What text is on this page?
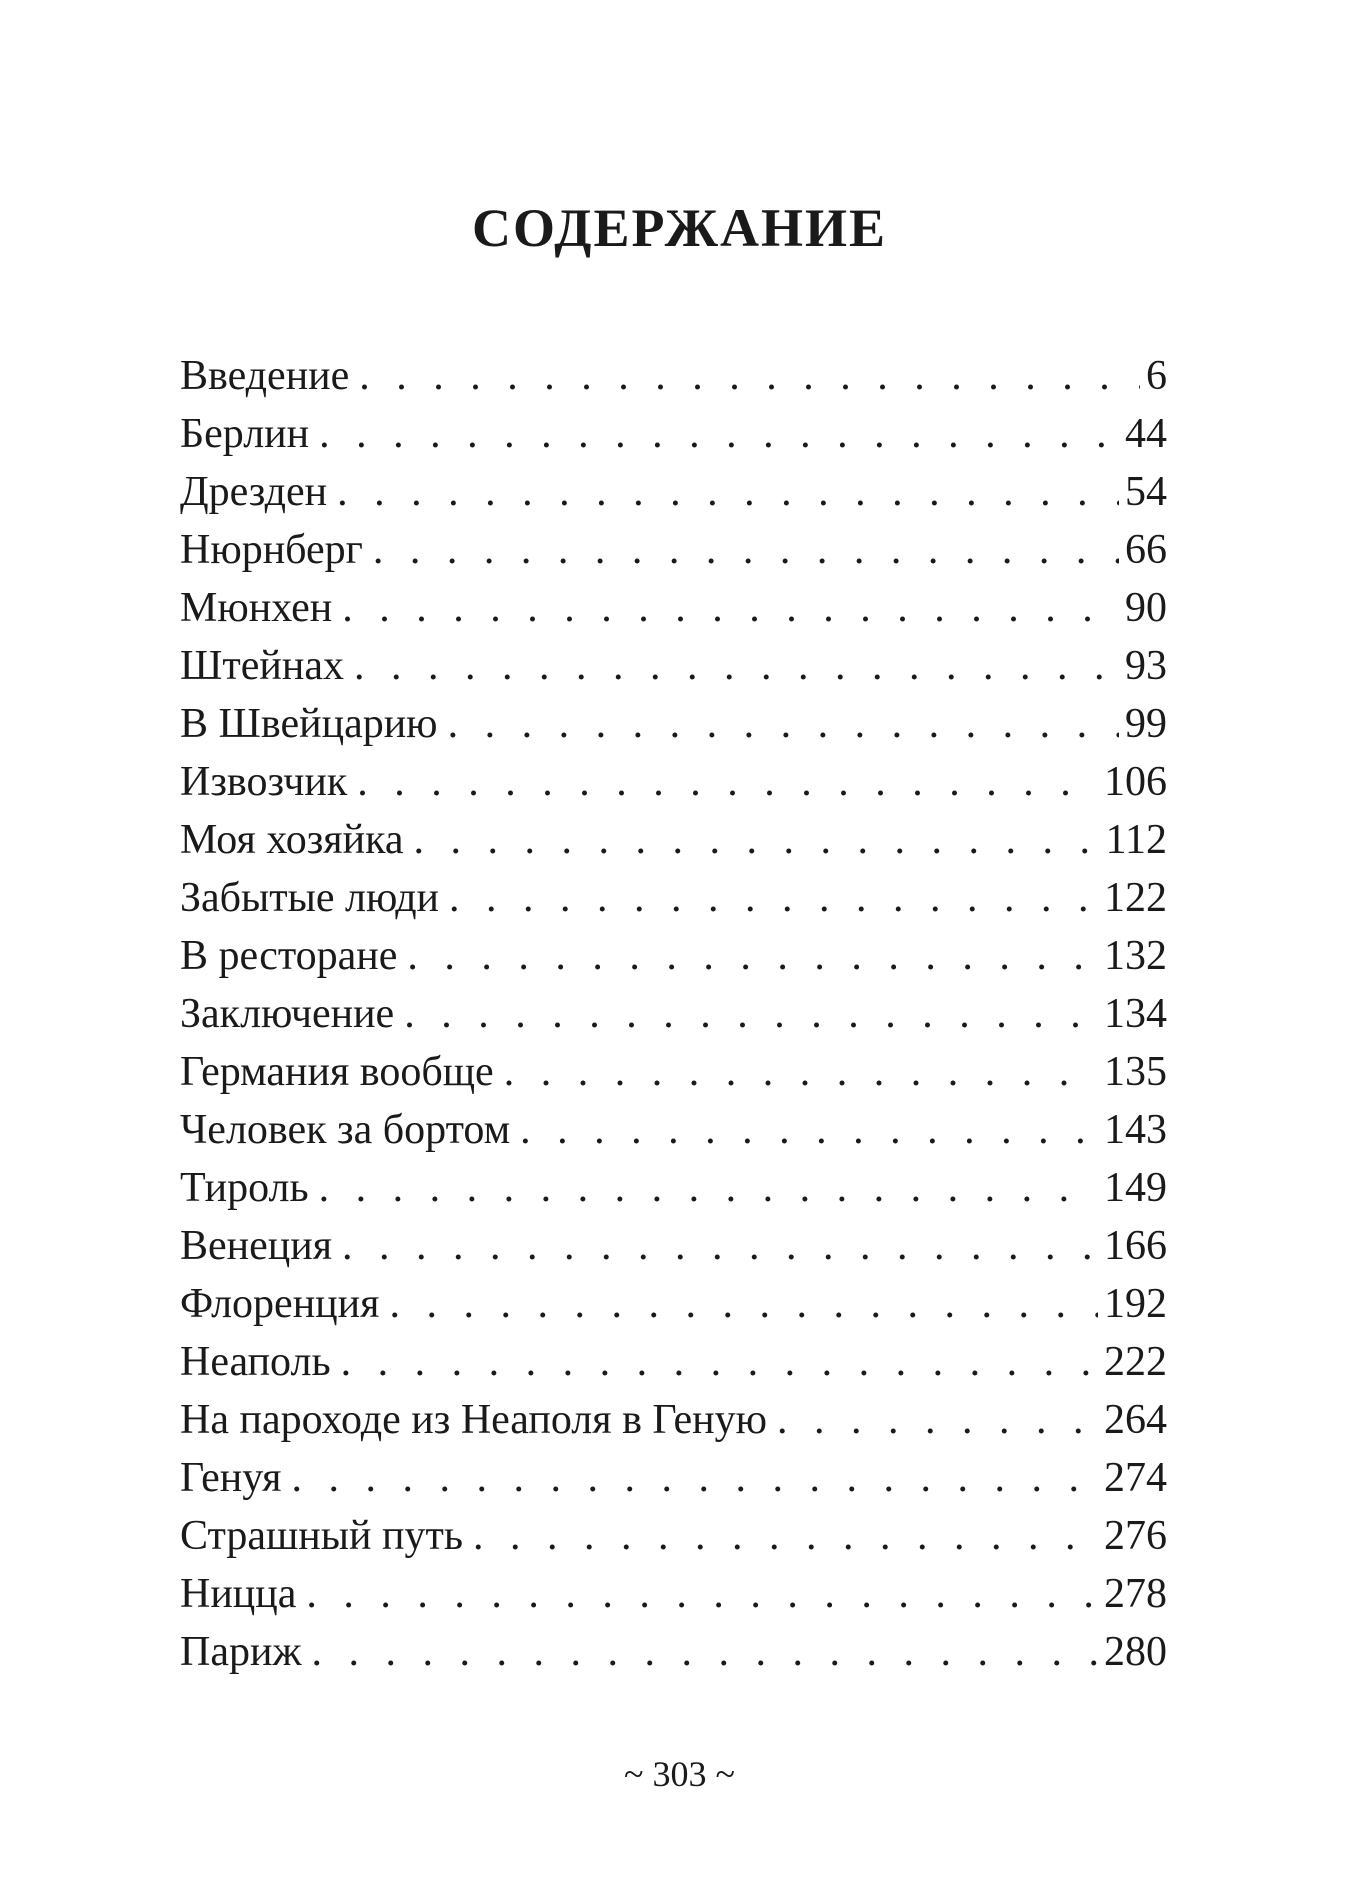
СОДЕРЖАНИЕ
Введение . . .	6
Берлин . . .	44
Дрезден . . .	54
Нюрнберг . . .	66
Мюнхен . . .	90
Штейнах . . .	93
В Швейцарию . . .	99
Извозчик . . .	106
Моя хозяйка . . .	112
Забытые люди . . .	122
В ресторане . . .	132
Заключение . . .	134
Германия вообще . . .	135
Человек за бортом . . .	143
Тироль . . .	149
Венеция . . .	166
Флоренция . . .	192
Неаполь . . .	222
На пароходе из Неаполя в Геную . . .	264
Генуя . . .	274
Страшный путь . . .	276
Ницца . . .	278
Париж . . .	280
~ 303 ~
